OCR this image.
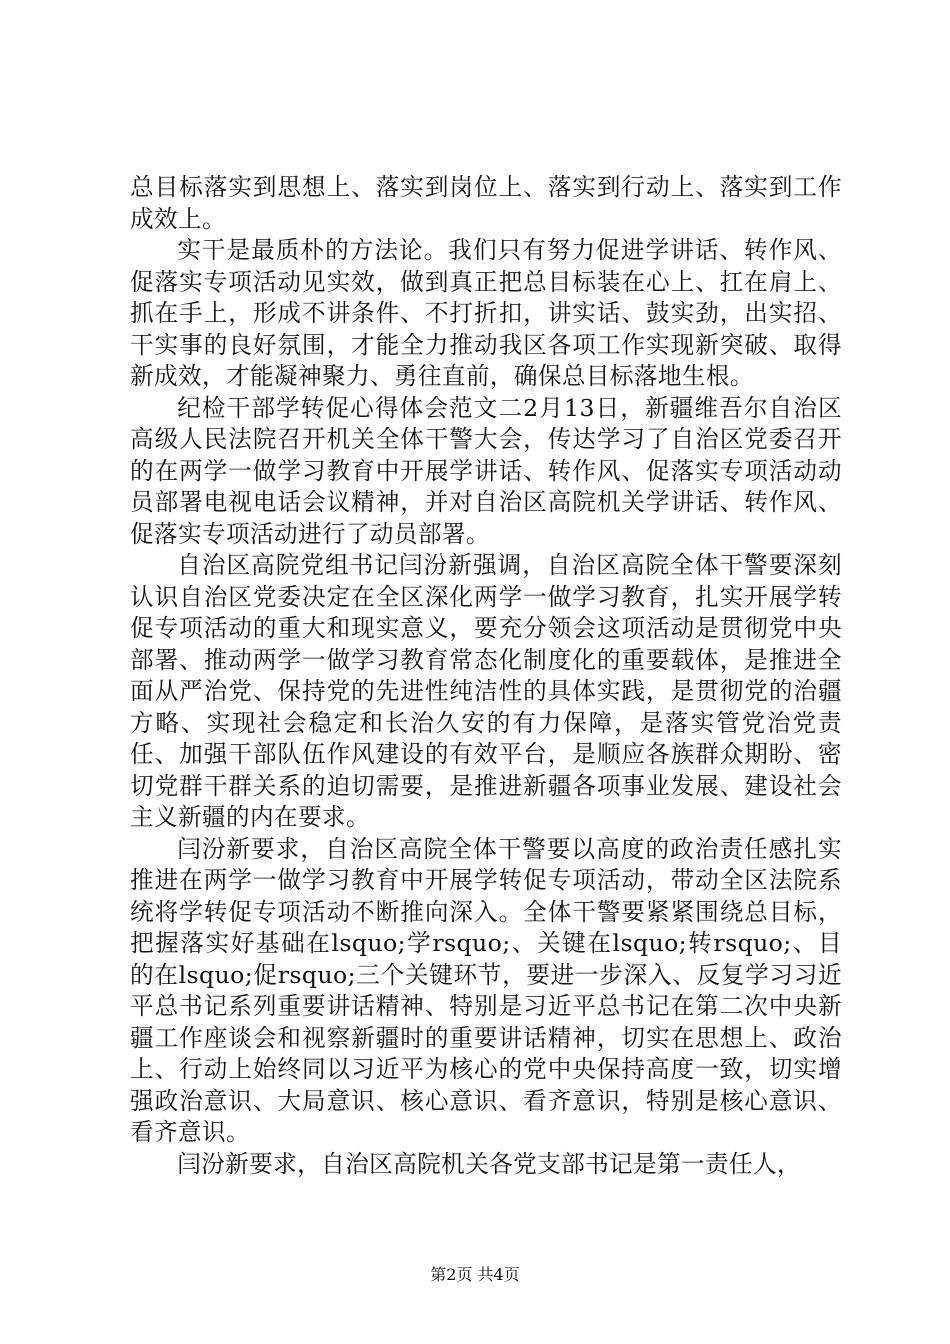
总目标落实到思想上、落实到岗位上、落实到行动上、落实到工作成效上。

实干是最质朴的方法论。我们只有努力促进学讲话、转作风、促落实专项活动见实效，做到真正把总目标装在心上、扛在肩上、抓在手上，形成不讲条件、不打折扣，讲实话、鼓实劲，出实招、干实事的良好氛围，才能全力推动我区各项工作实现新突破、取得新成效，才能凝神聚力、勇往直前，确保总目标落地生根。

纪检干部学转促心得体会范文二2月13日，新疆维吾尔自治区高级人民法院召开机关全体干警大会，传达学习了自治区党委召开的在两学一做学习教育中开展学讲话、转作风、促落实专项活动动员部署电视电话会议精神，并对自治区高院机关学讲话、转作风、促落实专项活动进行了动员部署。

自治区高院党组书记闫汾新强调，自治区高院全体干警要深刻认识自治区党委决定在全区深化两学一做学习教育，扎实开展学转促专项活动的重大和现实意义，要充分领会这项活动是贯彻党中央部署、推动两学一做学习教育常态化制度化的重要载体，是推进全面从严治党、保持党的先进性纯洁性的具体实践，是贯彻党的治疆方略、实现社会稳定和长治久安的有力保障，是落实管党治党责任、加强干部队伍作风建设的有效平台，是顺应各族群众期盼、密切党群干群关系的迫切需要，是推进新疆各项事业发展、建设社会主义新疆的内在要求。

闫汾新要求，自治区高院全体干警要以高度的政治责任感扎实推进在两学一做学习教育中开展学转促专项活动，带动全区法院系统将学转促专项活动不断推向深入。全体干警要紧紧围绕总目标，把握落实好基础在lsquo;学rsquo;、关键在lsquo;转rsquo;、目的在lsquo;促rsquo;三个关键环节，要进一步深入、反复学习习近平总书记系列重要讲话精神、特别是习近平总书记在第二次中央新疆工作座谈会和视察新疆时的重要讲话精神，切实在思想上、政治上、行动上始终同以习近平为核心的党中央保持高度一致，切实增强政治意识、大局意识、核心意识、看齐意识，特别是核心意识、看齐意识。

闫汾新要求，自治区高院机关各党支部书记是第一责任人，

第2页 共4页
